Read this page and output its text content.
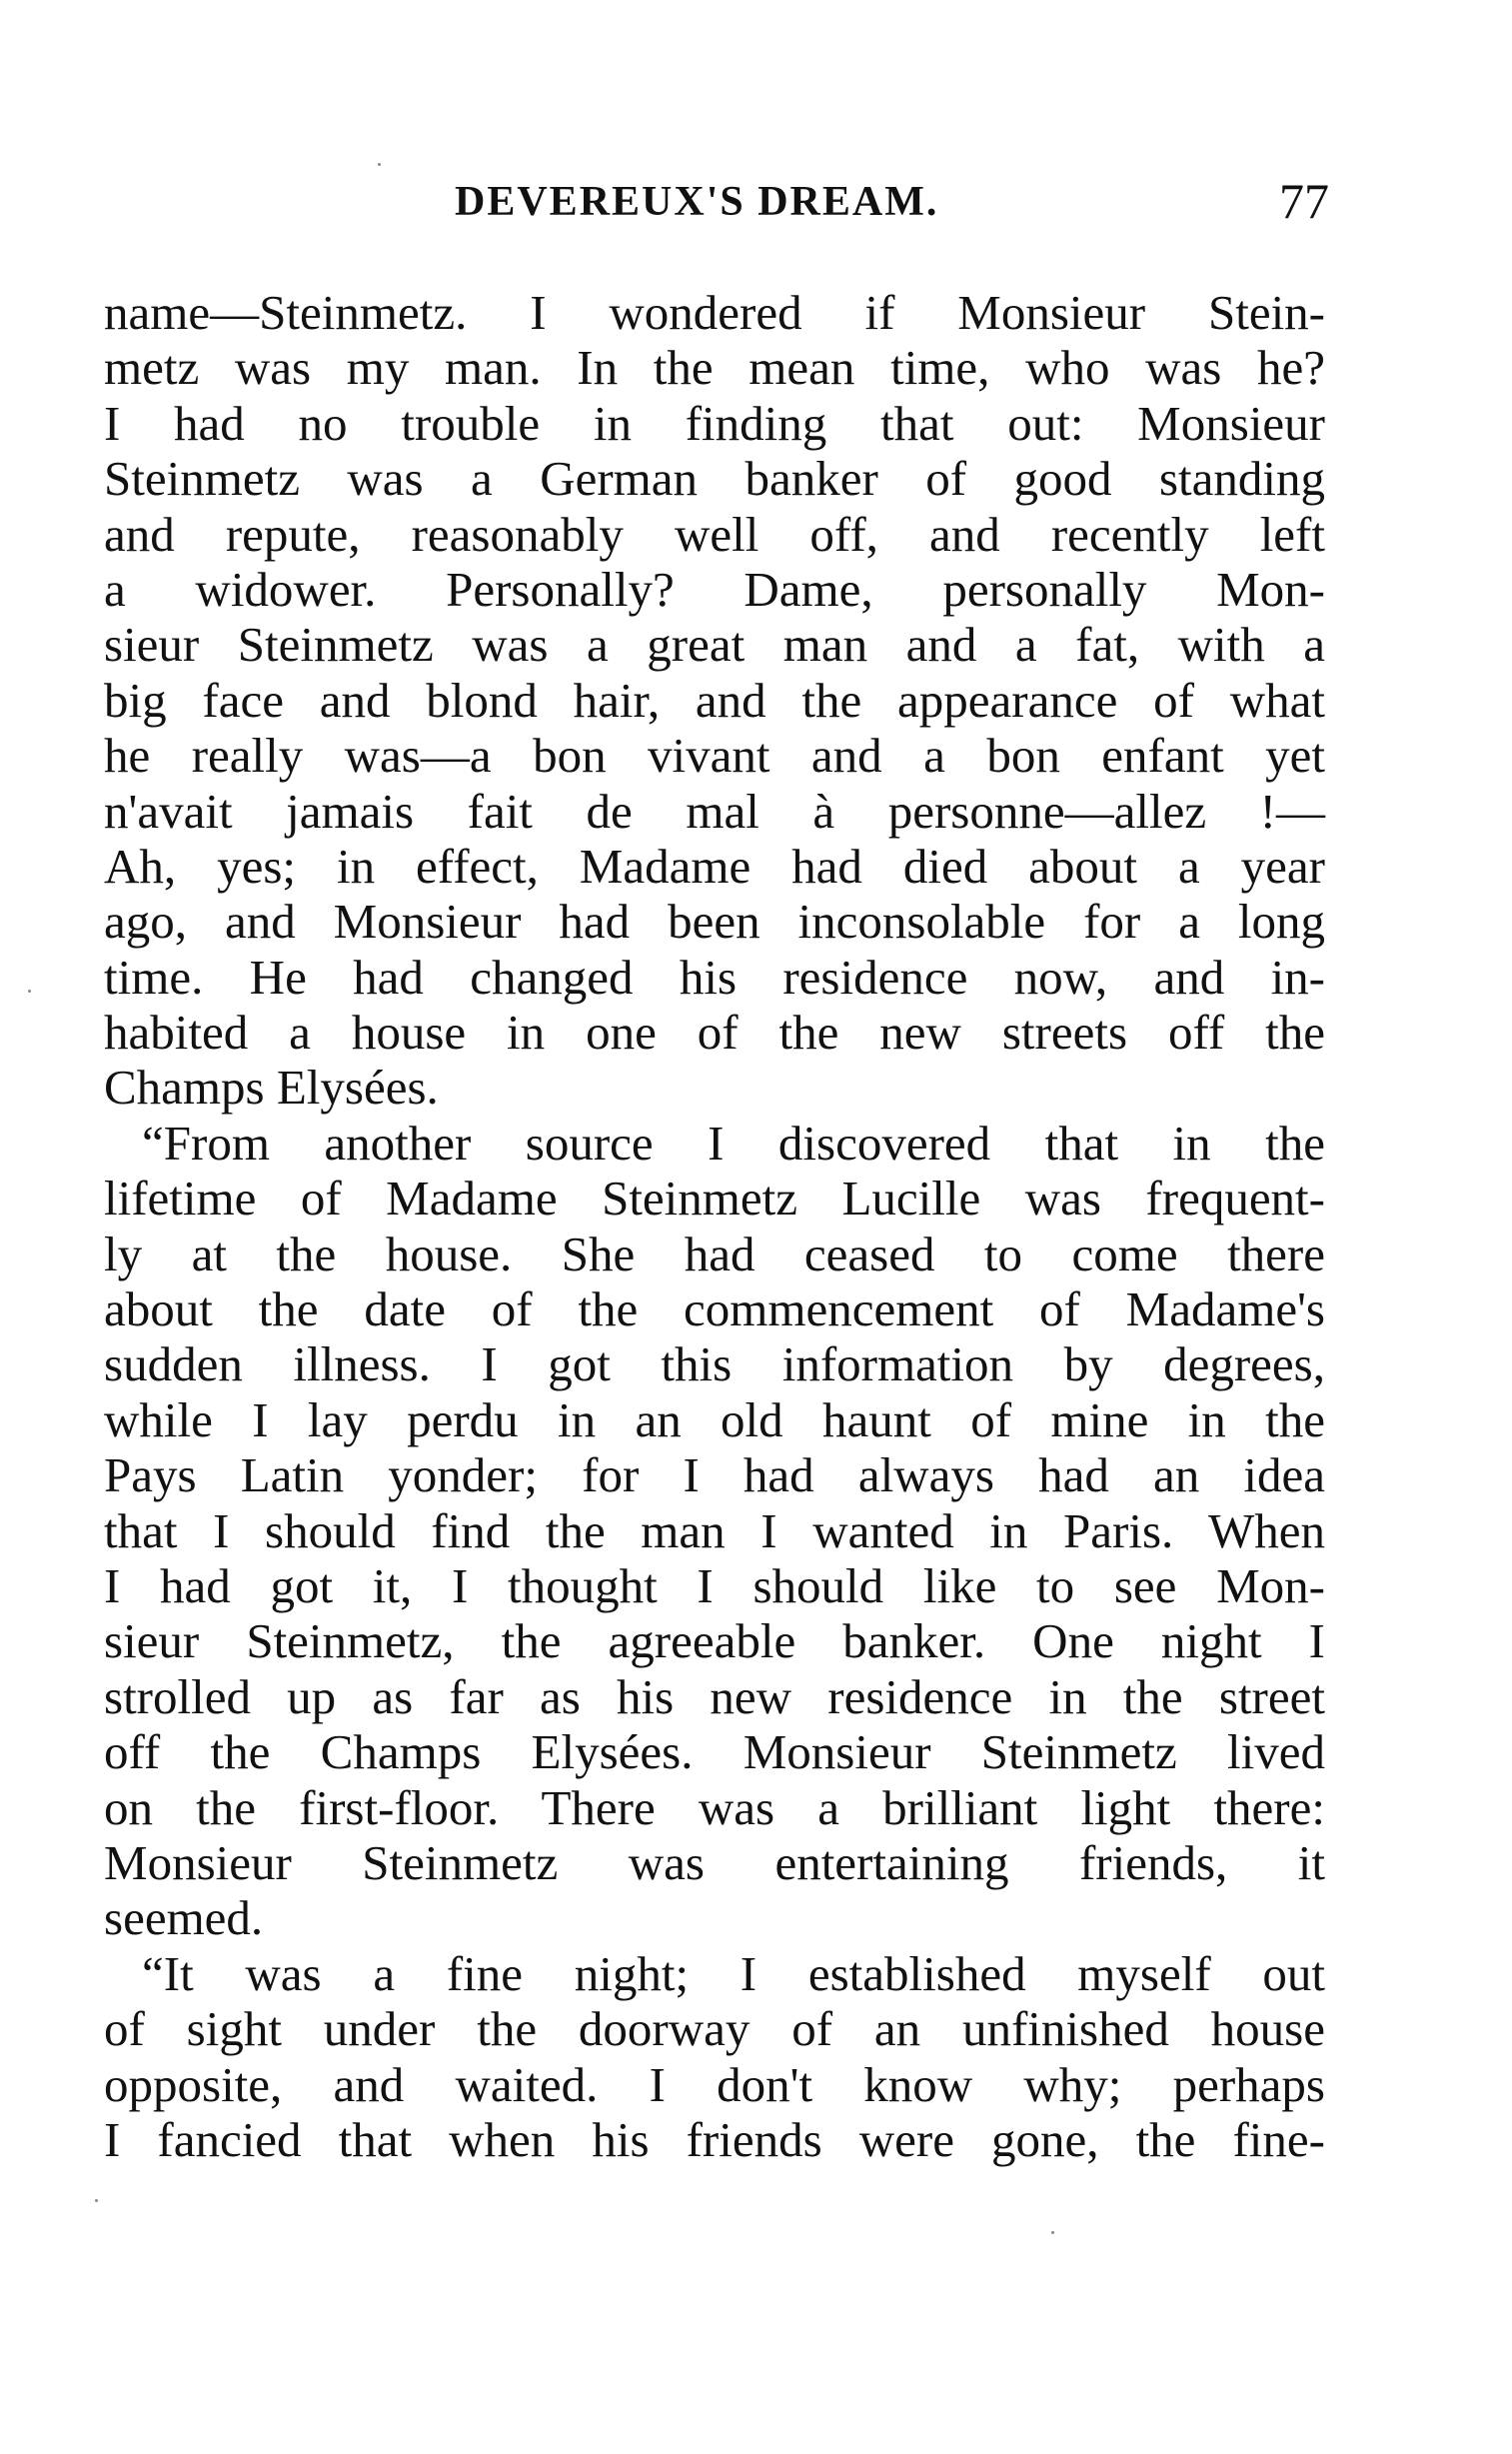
DEVEREUX'S DREAM.	77
name—Steinmetz. I wondered if Monsieur Stein-
metz was my man. In the mean time, who was he?
I had no trouble in finding that out: Monsieur
Steinmetz was a German banker of good standing
and repute, reasonably well off, and recently left
a widower. Personally? Dame, personally Mon-
sieur Steinmetz was a great man and a fat, with a
big face and blond hair, and the appearance of what
he really was—a bon vivant and a bon enfant yet
n'avait jamais fait de mal à personne—allez !—
Ah, yes; in effect, Madame had died about a year
ago, and Monsieur had been inconsolable for a long
time. He had changed his residence now, and in-
habited a house in one of the new streets off the
Champs Elysées.
“From another source I discovered that in the
lifetime of Madame Steinmetz Lucille was frequent-
ly at the house. She had ceased to come there
about the date of the commencement of Madame's
sudden illness. I got this information by degrees,
while I lay perdu in an old haunt of mine in the
Pays Latin yonder; for I had always had an idea
that I should find the man I wanted in Paris. When
I had got it, I thought I should like to see Mon-
sieur Steinmetz, the agreeable banker. One night I
strolled up as far as his new residence in the street
off the Champs Elysées. Monsieur Steinmetz lived
on the first-floor. There was a brilliant light there:
Monsieur Steinmetz was entertaining friends, it
seemed.
“It was a fine night; I established myself out
of sight under the doorway of an unfinished house
opposite, and waited. I don't know why; perhaps
I fancied that when his friends were gone, the fine-
